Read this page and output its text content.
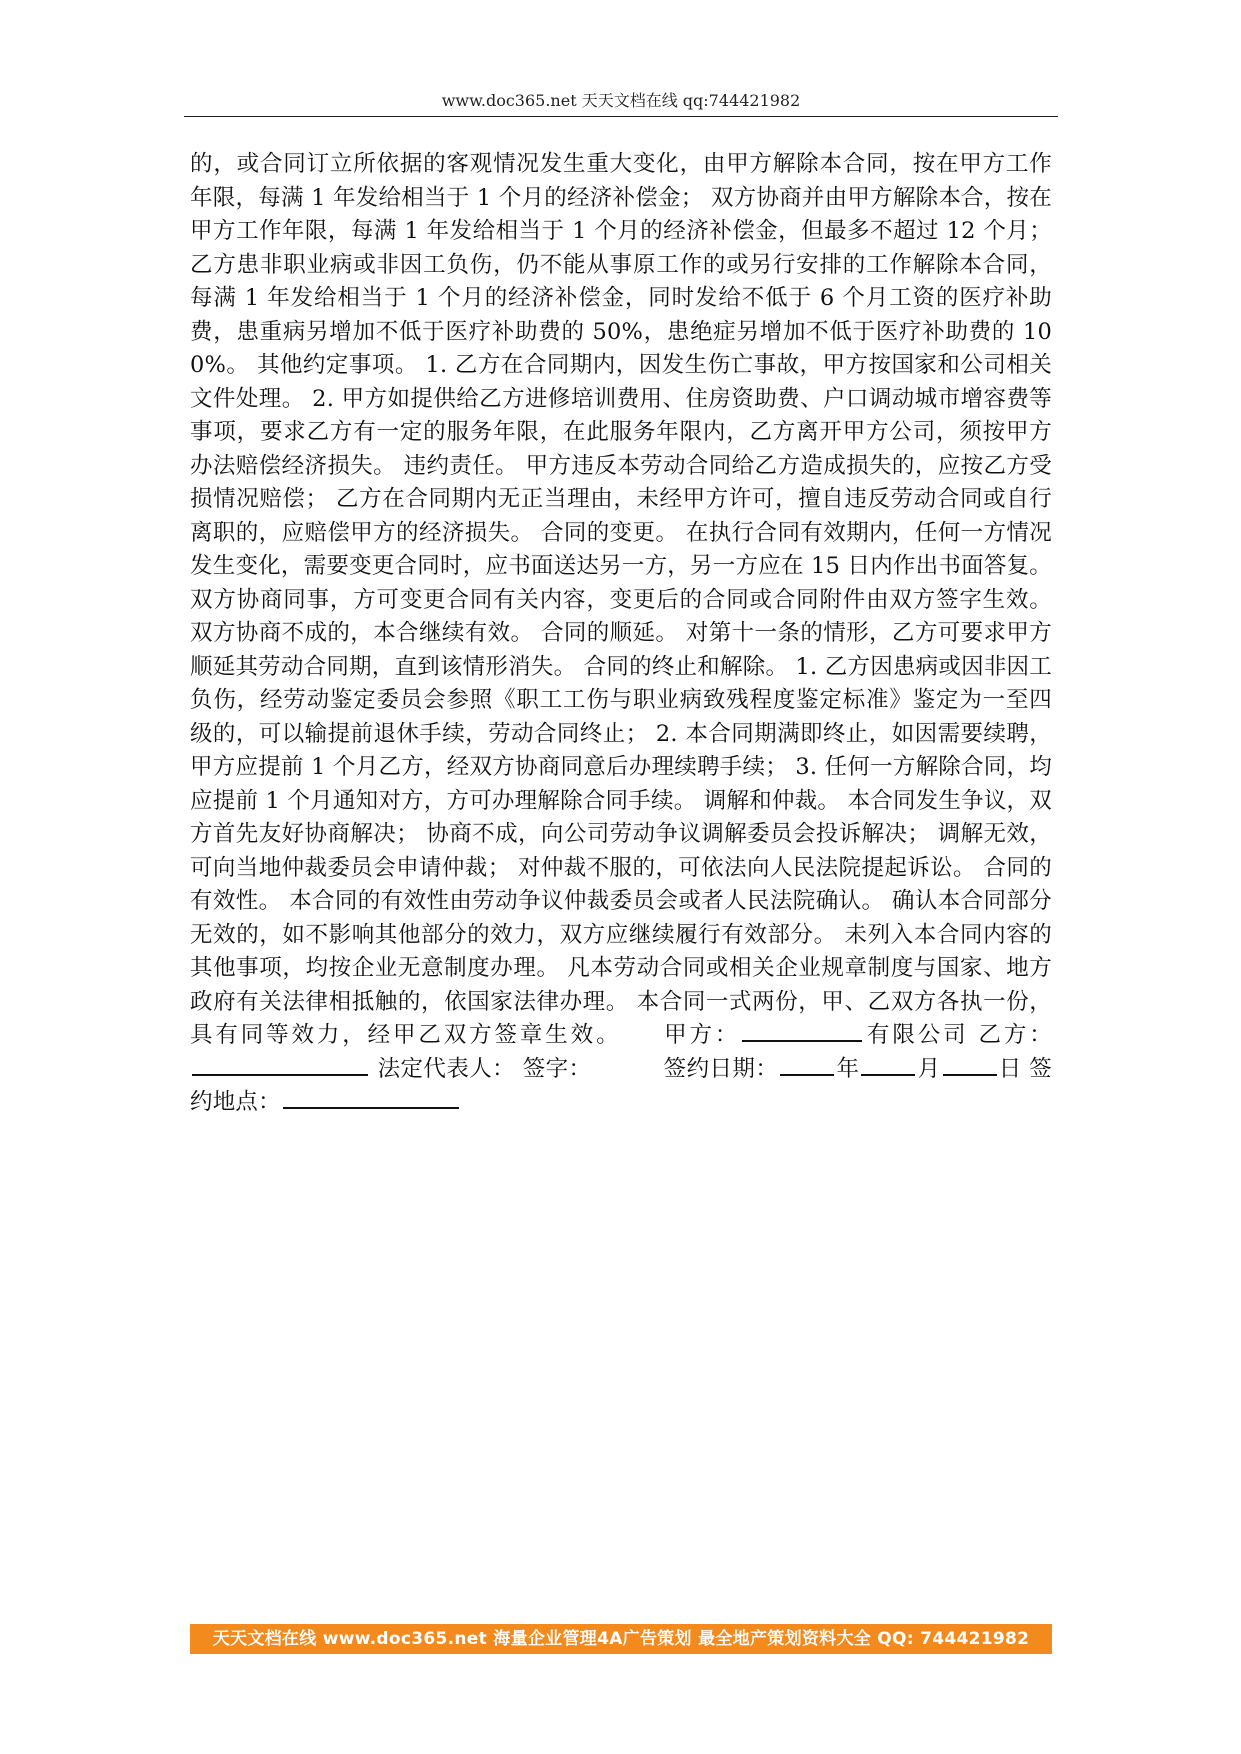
www.doc365.net 天天文档在线 qq:744421982

的，或合同订立所依据的客观情况发生重大变化，由甲方解除本合同，按在甲方工作年限，每满 1 年发给相当于 1 个月的经济补偿金； 双方协商并由甲方解除本合，按在甲方工作年限，每满 1 年发给相当于 1 个月的经济补偿金，但最多不超过 12 个月； 乙方患非职业病或非因工负伤，仍不能从事原工作的或另行安排的工作解除本合同，每满 1 年发给相当于 1 个月的经济补偿金，同时发给不低于 6 个月工资的医疗补助费，患重病另增加不低于医疗补助费的 50%，患绝症另增加不低于医疗补助费的 100%。 其他约定事项。 1. 乙方在合同期内，因发生伤亡事故，甲方按国家和公司相关文件处理。 2. 甲方如提供给乙方进修培训费用、住房资助费、户口调动城市增容费等事项，要求乙方有一定的服务年限，在此服务年限内，乙方离开甲方公司，须按甲方办法赔偿经济损失。 违约责任。 甲方违反本劳动合同给乙方造成损失的，应按乙方受损情况赔偿； 乙方在合同期内无正当理由，未经甲方许可，擅自违反劳动合同或自行离职的，应赔偿甲方的经济损失。 合同的变更。 在执行合同有效期内，任何一方情况发生变化，需要变更合同时，应书面送达另一方，另一方应在 15 日内作出书面答复。 双方协商同事，方可变更合同有关内容，变更后的合同或合同附件由双方签字生效。 双方协商不成的，本合继续有效。 合同的顺延。 对第十一条的情形，乙方可要求甲方顺延其劳动合同期，直到该情形消失。 合同的终止和解除。 1. 乙方因患病或因非因工负伤，经劳动鉴定委员会参照《职工工伤与职业病致残程度鉴定标准》鉴定为一至四级的，可以输提前退休手续，劳动合同终止； 2. 本合同期满即终止，如因需要续聘，甲方应提前 1 个月乙方，经双方协商同意后办理续聘手续； 3. 任何一方解除合同，均应提前 1 个月通知对方，方可办理解除合同手续。 调解和仲裁。 本合同发生争议，双方首先友好协商解决； 协商不成，向公司劳动争议调解委员会投诉解决； 调解无效，可向当地仲裁委员会申请仲裁； 对仲裁不服的，可依法向人民法院提起诉讼。 合同的有效性。 本合同的有效性由劳动争议仲裁委员会或者人民法院确认。 确认本合同部分无效的，如不影响其他部分的效力，双方应继续履行有效部分。 未列入本合同内容的其他事项，均按企业无意制度办理。 凡本劳动合同或相关企业规章制度与国家、地方政府有关法律相抵触的，依国家法律办理。 本合同一式两份，甲、乙双方各执一份，具有同等效力，经甲乙双方签章生效。 甲方：	有限公司 乙方： 法定代表人： 签字：	签约日期：	年	月	日 签约地点：

天天文档在线 www.doc365.net 海量企业管理4A广告策划 最全地产策划资料大全 QQ: 744421982
